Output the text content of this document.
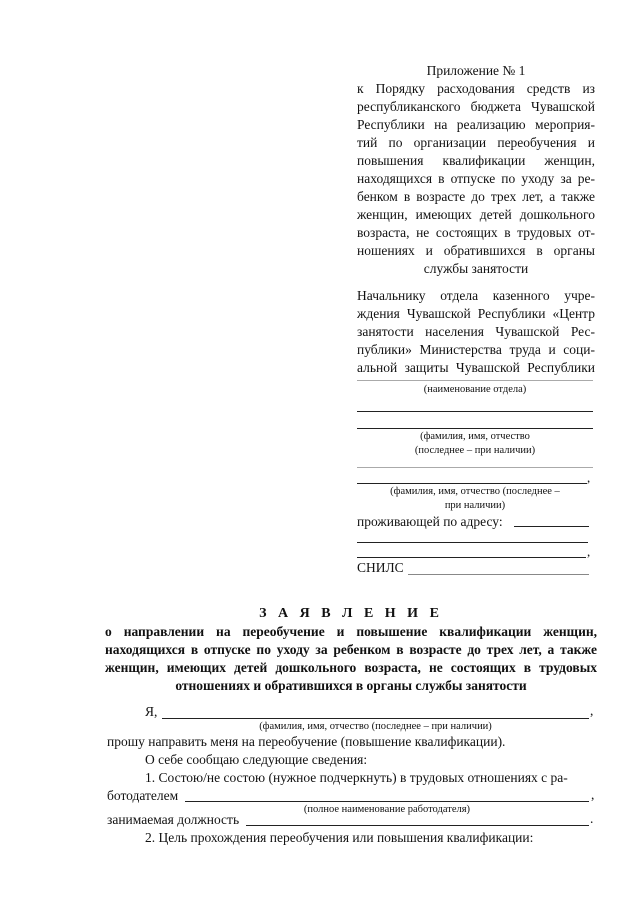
Приложение № 1
к Порядку расходования средств из
республиканского бюджета Чувашской
Республики на реализацию мероприя-
тий по организации переобучения и
повышения квалификации женщин,
находящихся в отпуске по уходу за ре-
бенком в возрасте до трех лет, а также
женщин, имеющих детей дошкольного
возраста, не состоящих в трудовых от-
ношениях и обратившихся в органы
службы занятости
Начальнику отдела казенного учре-
ждения Чувашской Республики «Центр
занятости населения Чувашской Рес-
публики» Министерства труда и соци-
альной защиты Чувашской Республики
(наименование отдела)
(фамилия, имя, отчество
(последнее – при наличии)
,
(фамилия, имя, отчество (последнее –
при наличии)
проживающей по адресу:
,
СНИЛС
З А Я В Л Е Н И Е
о направлении на переобучение и повышение квалификации женщин,
находящихся в отпуске по уходу за ребенком в возрасте до трех лет, а также
женщин, имеющих детей дошкольного возраста, не состоящих в трудовых
отношениях и обратившихся в органы службы занятости
Я,	,
(фамилия, имя, отчество (последнее – при наличии)
прошу направить меня на переобучение (повышение квалификации).
О себе сообщаю следующие сведения:
1. Состою/не состою (нужное подчеркнуть) в трудовых отношениях с ра-
ботодателем	,
(полное наименование работодателя)
занимаемая должность	.
2. Цель прохождения переобучения или повышения квалификации:
